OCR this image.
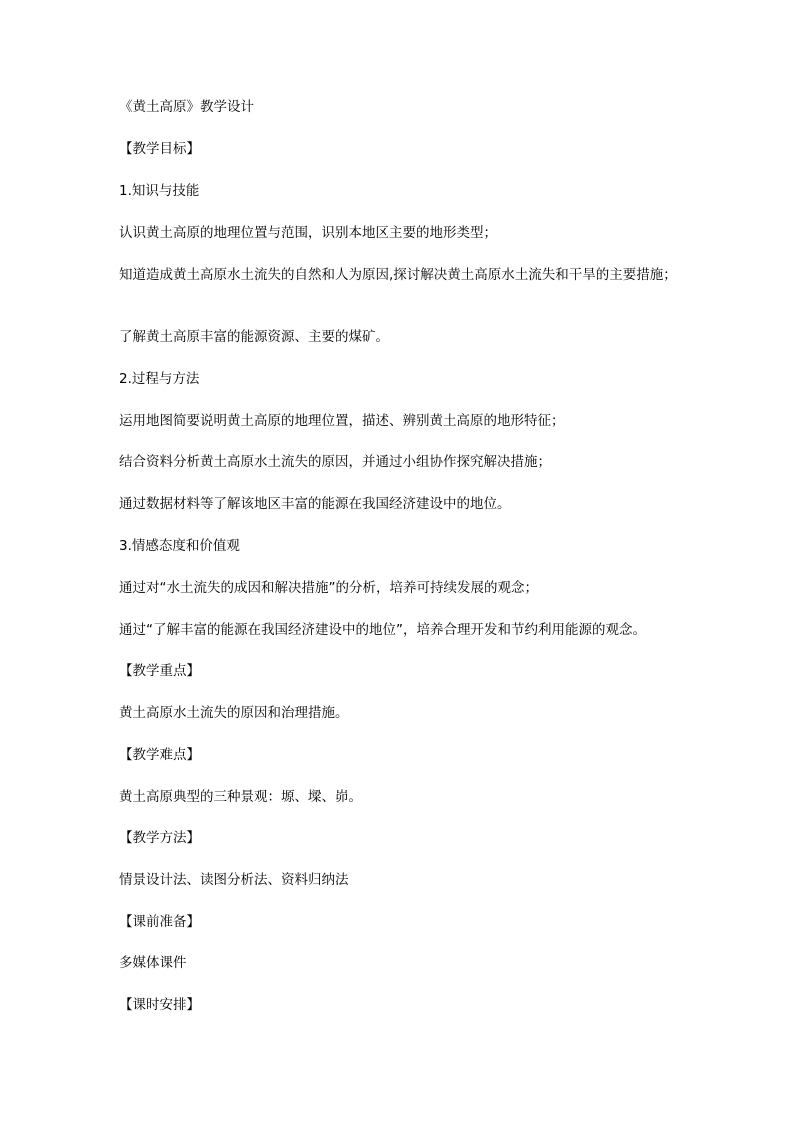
《黄土高原》教学设计
【教学目标】
1.知识与技能
认识黄土高原的地理位置与范围，识别本地区主要的地形类型；
知道造成黄土高原水土流失的自然和人为原因,探讨解决黄土高原水土流失和干旱的主要措施；
了解黄土高原丰富的能源资源、主要的煤矿。
2.过程与方法
运用地图简要说明黄土高原的地理位置，描述、辨别黄土高原的地形特征；
结合资料分析黄土高原水土流失的原因，并通过小组协作探究解决措施；
通过数据材料等了解该地区丰富的能源在我国经济建设中的地位。
3.情感态度和价值观
通过对“水土流失的成因和解决措施”的分析，培养可持续发展的观念；
通过“了解丰富的能源在我国经济建设中的地位”，培养合理开发和节约利用能源的观念。
【教学重点】
黄土高原水土流失的原因和治理措施。
【教学难点】
黄土高原典型的三种景观：塬、墚、峁。
【教学方法】
情景设计法、读图分析法、资料归纳法
【课前准备】
多媒体课件
【课时安排】
